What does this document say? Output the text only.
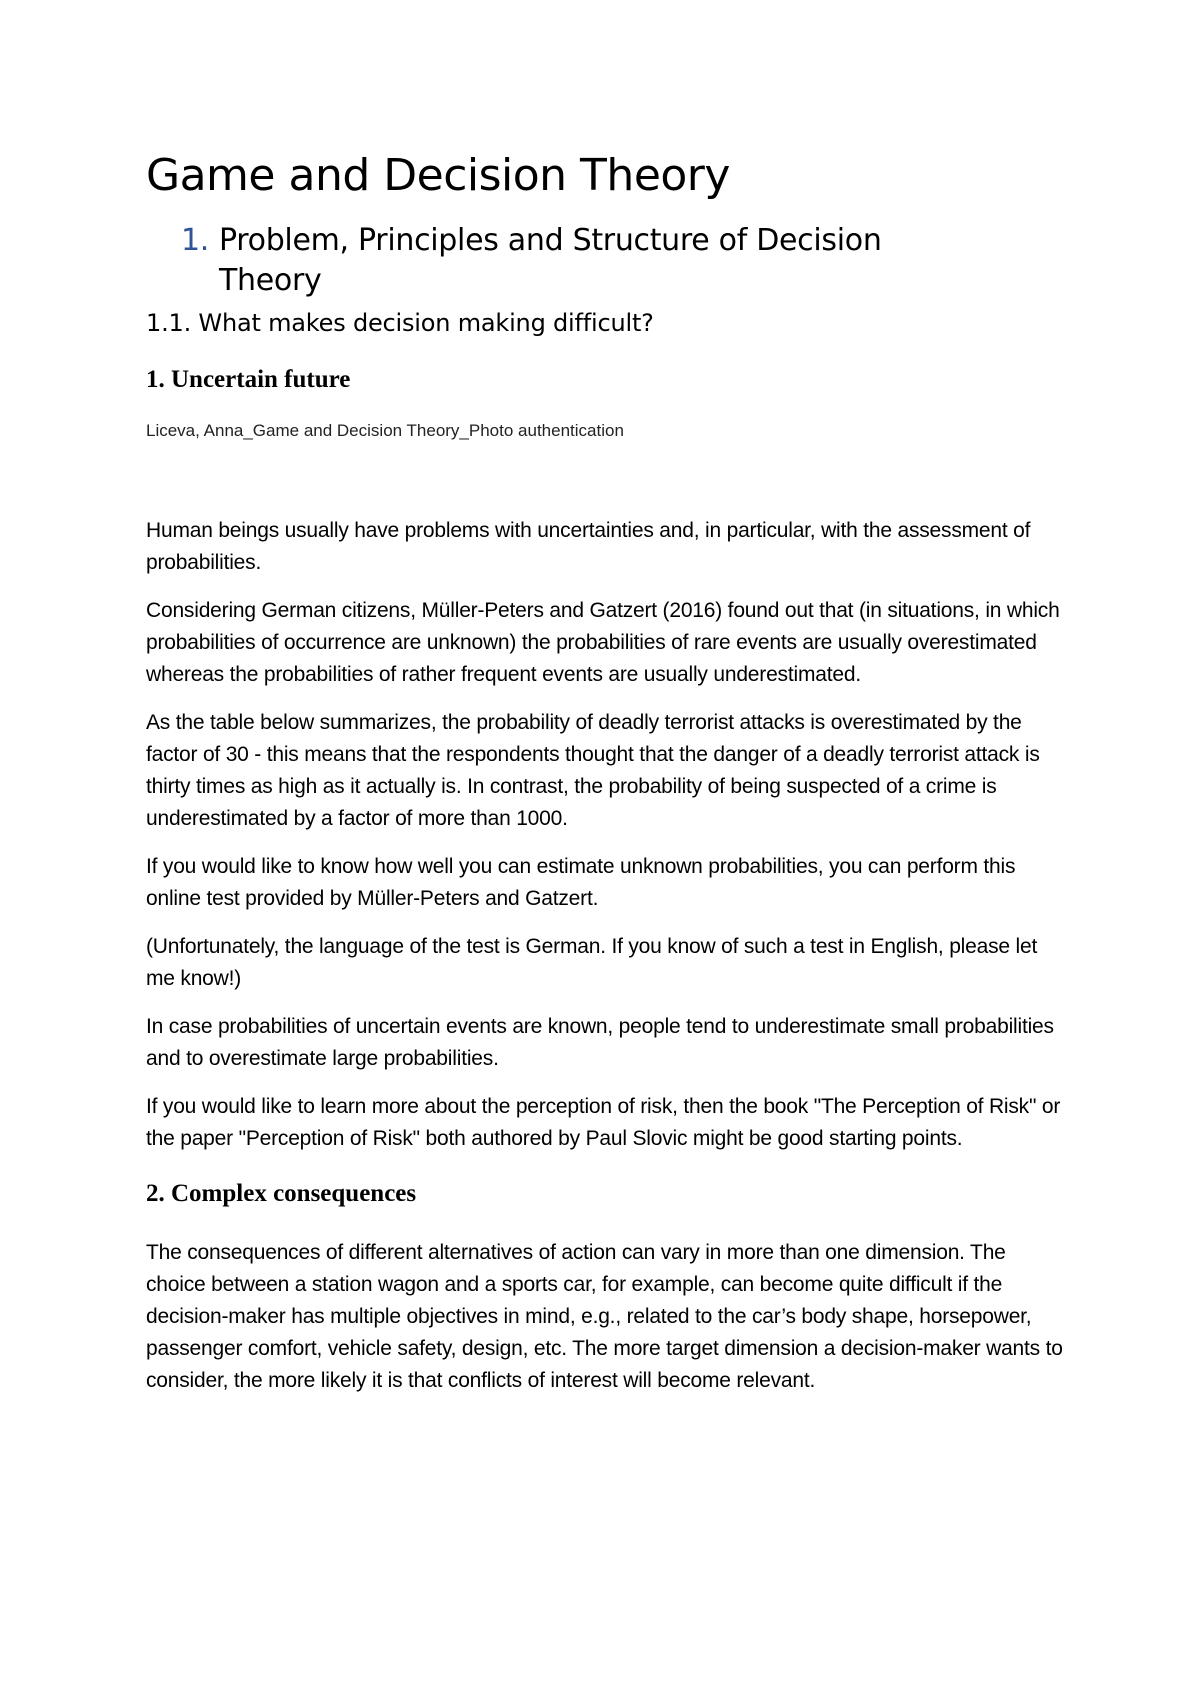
Game and Decision Theory
1. Problem, Principles and Structure of Decision Theory
1.1. What makes decision making difficult?
1. Uncertain future

Liceva, Anna_Game and Decision Theory_Photo authentication

Human beings usually have problems with uncertainties and, in particular, with the assessment of probabilities.

Considering German citizens, Müller-Peters and Gatzert (2016) found out that (in situations, in which probabilities of occurrence are unknown) the probabilities of rare events are usually overestimated whereas the probabilities of rather frequent events are usually underestimated.

As the table below summarizes, the probability of deadly terrorist attacks is overestimated by the factor of 30 - this means that the respondents thought that the danger of a deadly terrorist attack is thirty times as high as it actually is. In contrast, the probability of being suspected of a crime is underestimated by a factor of more than 1000.

If you would like to know how well you can estimate unknown probabilities, you can perform this online test provided by Müller-Peters and Gatzert.

(Unfortunately, the language of the test is German. If you know of such a test in English, please let me know!)

In case probabilities of uncertain events are known, people tend to underestimate small probabilities and to overestimate large probabilities.

If you would like to learn more about the perception of risk, then the book "The Perception of Risk" or the paper "Perception of Risk" both authored by Paul Slovic might be good starting points.

2. Complex consequences

The consequences of different alternatives of action can vary in more than one dimension. The choice between a station wagon and a sports car, for example, can become quite difficult if the decision-maker has multiple objectives in mind, e.g., related to the car’s body shape, horsepower, passenger comfort, vehicle safety, design, etc. The more target dimension a decision-maker wants to consider, the more likely it is that conflicts of interest will become relevant.
